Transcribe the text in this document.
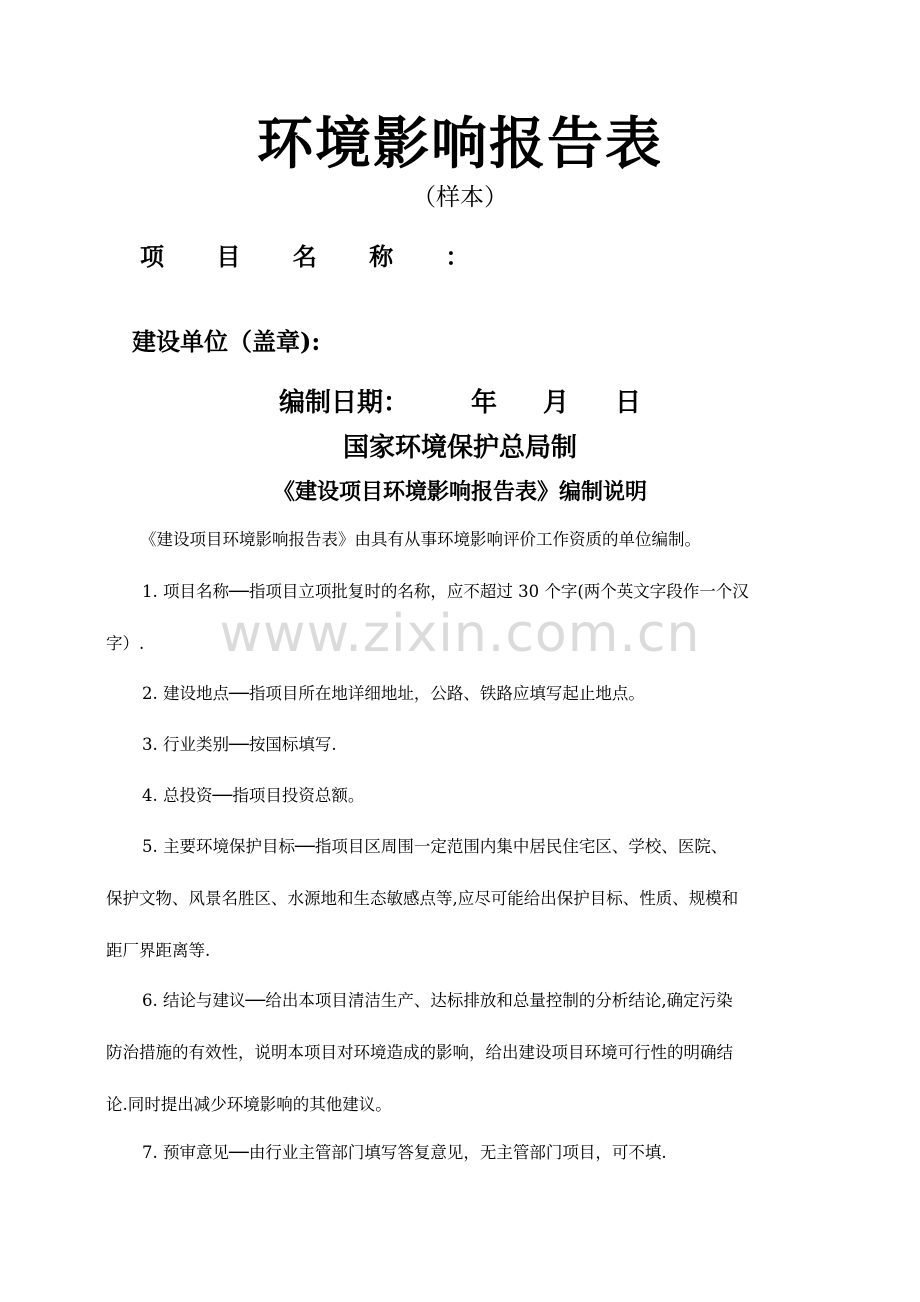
环境影响报告表
（样本）
项 目 名 称 ：
建设单位（盖章):
编制日期： 年 月 日
国家环境保护总局制
《建设项目环境影响报告表》编制说明
www.zixin.com.cn
《建设项目环境影响报告表》由具有从事环境影响评价工作资质的单位编制。
1. 项目名称──指项目立项批复时的名称，应不超过 30 个字(两个英文字段作一个汉
字）.
2. 建设地点──指项目所在地详细地址，公路、铁路应填写起止地点。
3. 行业类别──按国标填写.
4. 总投资──指项目投资总额。
5. 主要环境保护目标──指项目区周围一定范围内集中居民住宅区、学校、医院、
保护文物、风景名胜区、水源地和生态敏感点等,应尽可能给出保护目标、性质、规模和
距厂界距离等.
6. 结论与建议──给出本项目清洁生产、达标排放和总量控制的分析结论,确定污染
防治措施的有效性，说明本项目对环境造成的影响，给出建设项目环境可行性的明确结
论.同时提出减少环境影响的其他建议。
7. 预审意见──由行业主管部门填写答复意见，无主管部门项目，可不填.
